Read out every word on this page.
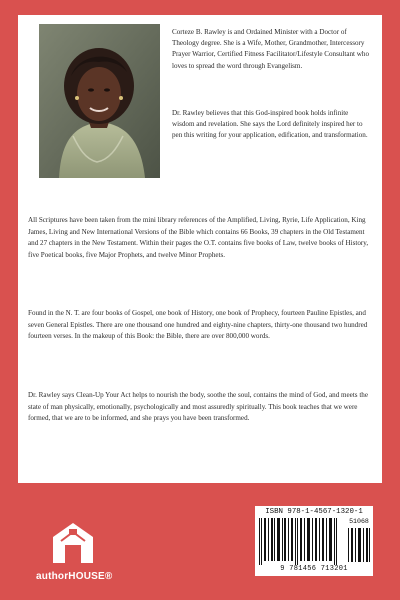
Corteze B. Rawley is and Ordained Minister with a Doctor of Theology degree. She is a Wife, Mother, Grandmother, Intercessory Prayer Warrior, Certified Fitness Facilitator/Lifestyle Consultant who loves to spread the word through Evangelism.

Dr. Rawley believes that this God-inspired book holds infinite wisdom and revelation. She says the Lord definitely inspired her to pen this writing for your application, edification, and transformation.

All Scriptures have been taken from the mini library references of the Amplified, Living, Ryrie, Life Application, King James, Living and New International Versions of the Bible which contains 66 Books, 39 chapters in the Old Testament and 27 chapters in the New Testament. Within their pages the O.T. contains five books of Law, twelve books of History, five Poetical books, five Major Prophets, and twelve Minor Prophets.

Found in the N. T. are four books of Gospel, one book of History, one book of Prophecy, fourteen Pauline Epistles, and seven General Epistles. There are one thousand one hundred and eighty-nine chapters, thirty-one thousand two hundred fourteen verses. In the makeup of this Book: the Bible, there are over 800,000 words.

Dr. Rawley says Clean-Up Your Act helps to nourish the body, soothe the soul, contains the mind of God, and meets the state of man physically, emotionally, psychologically and most assuredly spiritually. This book teaches that we were formed, that we are to be informed, and she prays you have been transformed.

authorHOUSE®
ISBN 978-1-4567-1320-1
51068
9 781456 713201
